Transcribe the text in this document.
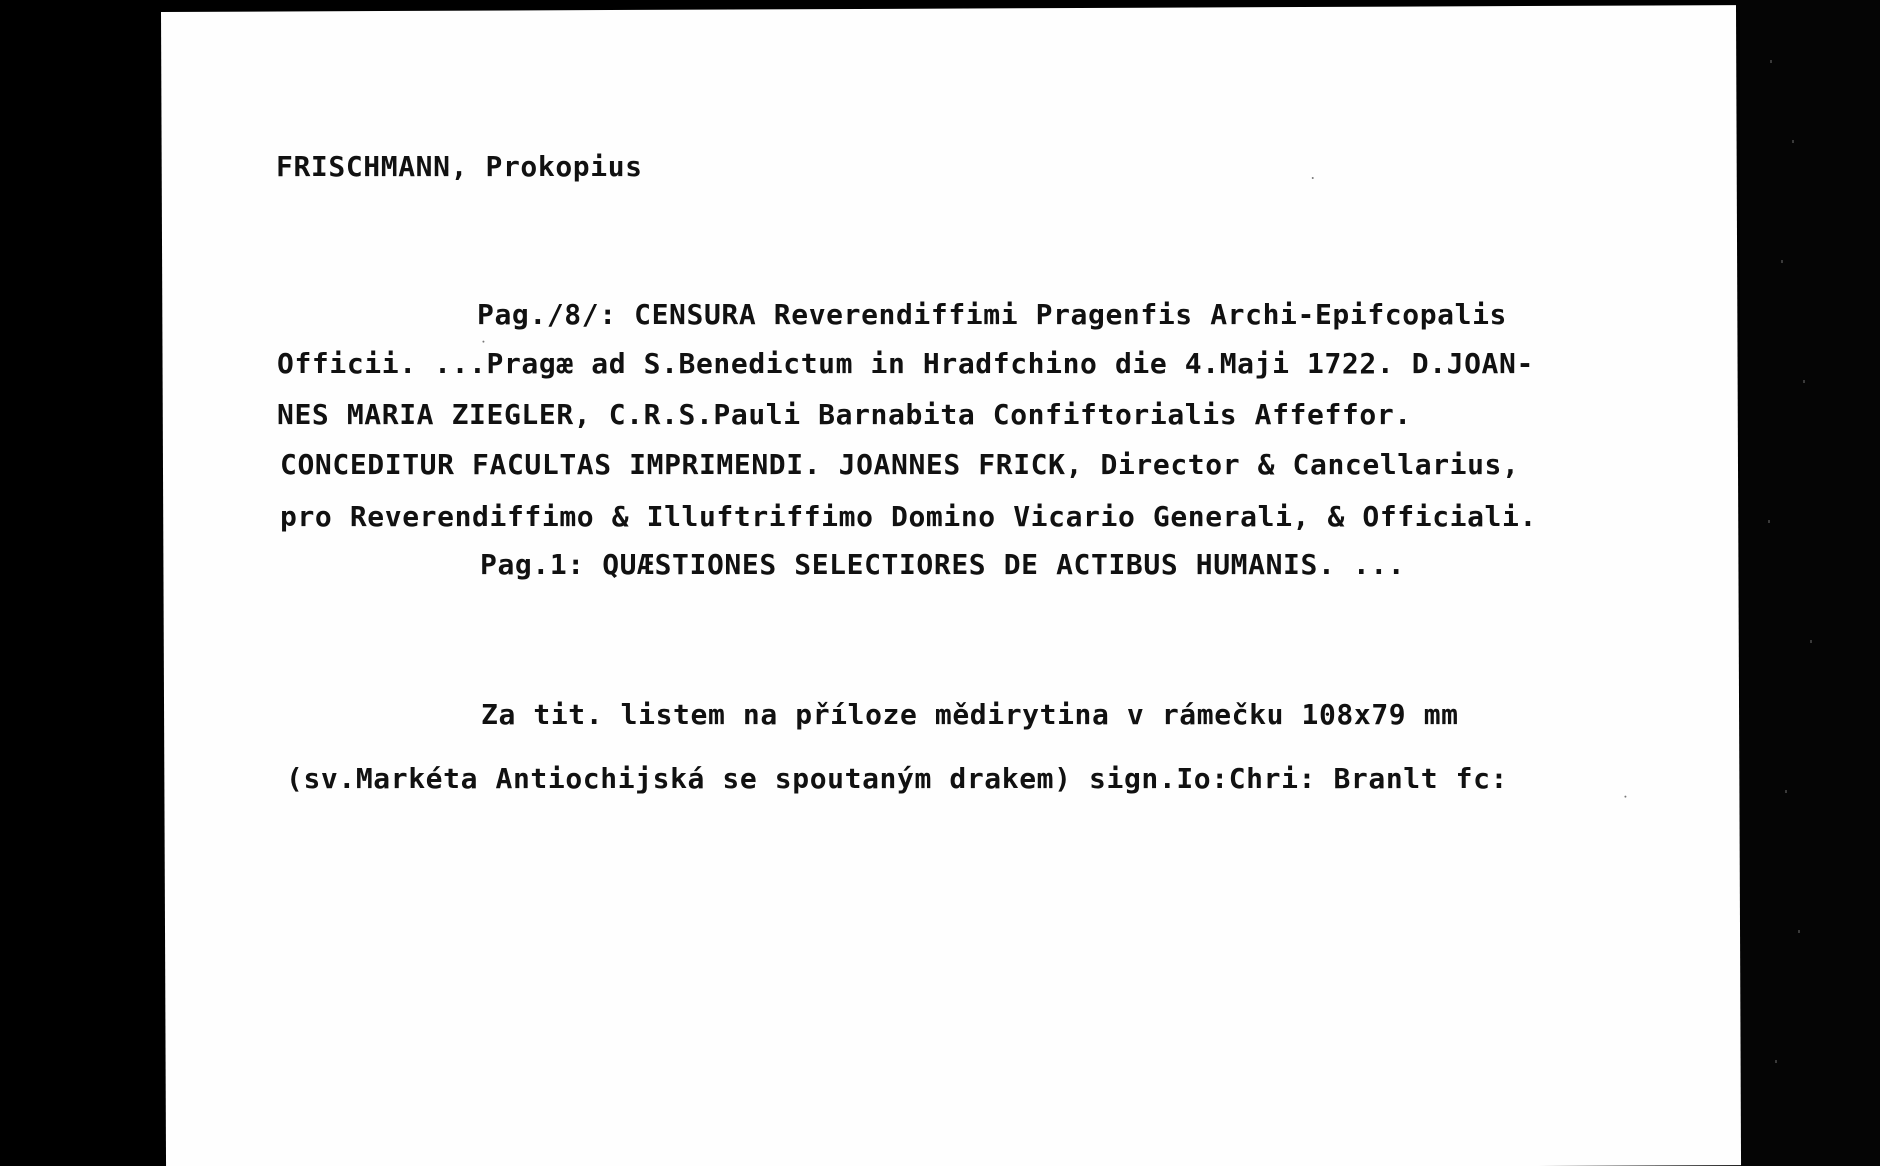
FRISCHMANN, Prokopius
Pag./8/: CENSURA Reverendiffimi Pragenfis Archi-Epifcopalis
Officii. ...Pragæ ad S.Benedictum in Hradfchino die 4.Maji 1722. D.JOAN-
NES MARIA ZIEGLER, C.R.S.Pauli Barnabita Confiftorialis Affeffor.
CONCEDITUR FACULTAS IMPRIMENDI. JOANNES FRICK, Director & Cancellarius,
pro Reverendiffimo & Illuftriffimo Domino Vicario Generali, & Officiali.
Pag.1: QUÆSTIONES SELECTIORES DE ACTIBUS HUMANIS. ...
Za tit. listem na příloze mědirytina v rámečku 108x79 mm
(sv.Markéta Antiochijská se spoutaným drakem) sign.Io:Chri: Branlt fc:
